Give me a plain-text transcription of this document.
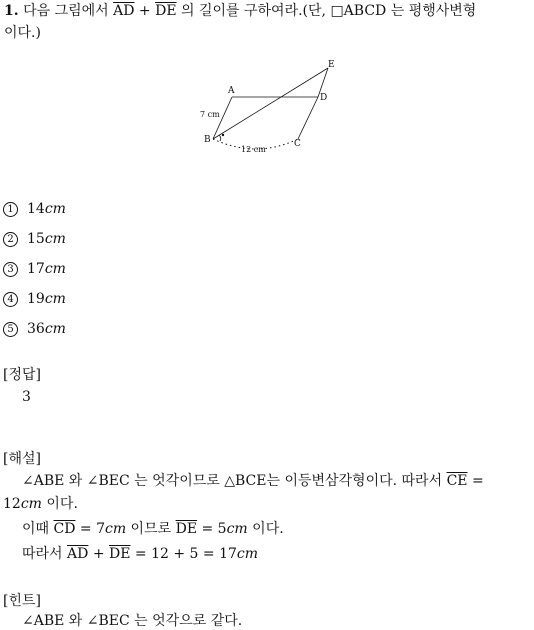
1. 다음 그림에서 $\overline{AD} + \overline{DE}$ 의 길이를 구하여라.(단, □ABCD 는 평행사변형
이다.)
A
B	C
D
E
7 cm
12 cm
1 14cm
2 15cm
3 17cm
4 19cm
5 36cm
[정답]
3
[해설]
∠ABE 와 ∠BEC 는 엇각이므로 △BCE는 이등변삼각형이다. 따라서 $\overline{CE}$ =
12cm 이다.
이때 $\overline{CD} = 7cm$ 이므로 $\overline{DE} = 5cm$ 이다.
따라서 $\overline{AD} + \overline{DE} = 12 + 5 = 17cm$
[힌트]
∠ABE 와 ∠BEC 는 엇각으로 같다.
